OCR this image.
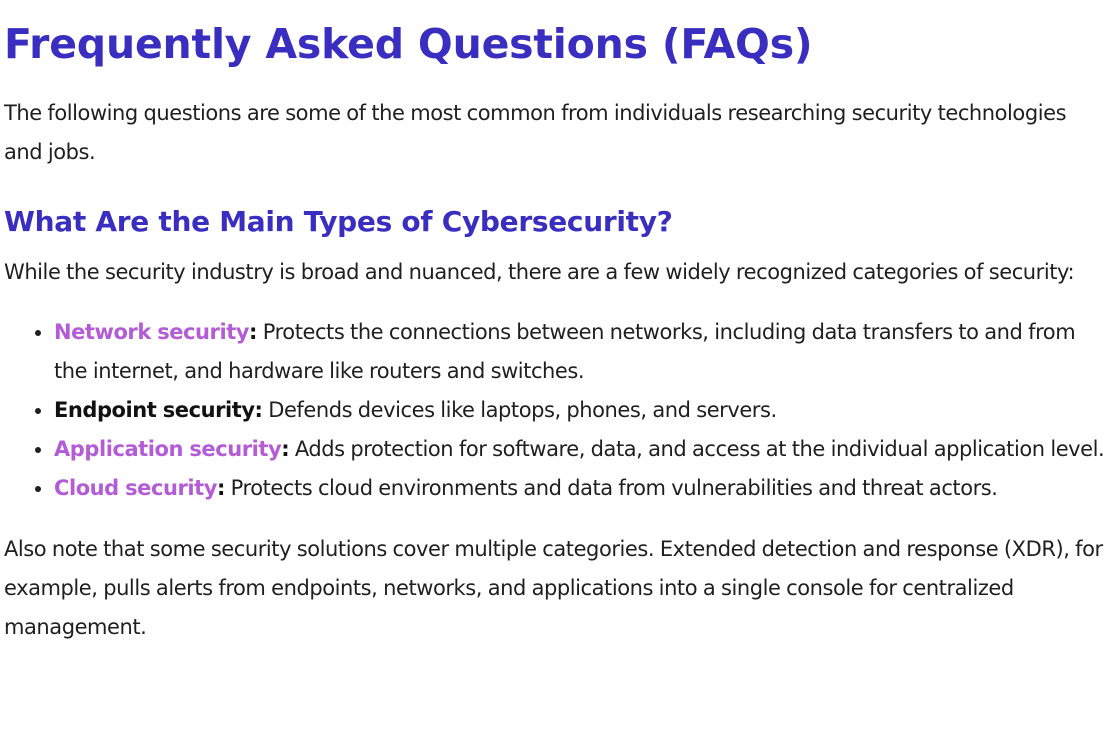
Frequently Asked Questions (FAQs)

The following questions are some of the most common from individuals researching security technologies and jobs.

What Are the Main Types of Cybersecurity?

While the security industry is broad and nuanced, there are a few widely recognized categories of security:

• Network security: Protects the connections between networks, including data transfers to and from the internet, and hardware like routers and switches.
• Endpoint security: Defends devices like laptops, phones, and servers.
• Application security: Adds protection for software, data, and access at the individual application level.
• Cloud security: Protects cloud environments and data from vulnerabilities and threat actors.

Also note that some security solutions cover multiple categories. Extended detection and response (XDR), for example, pulls alerts from endpoints, networks, and applications into a single console for centralized management.
